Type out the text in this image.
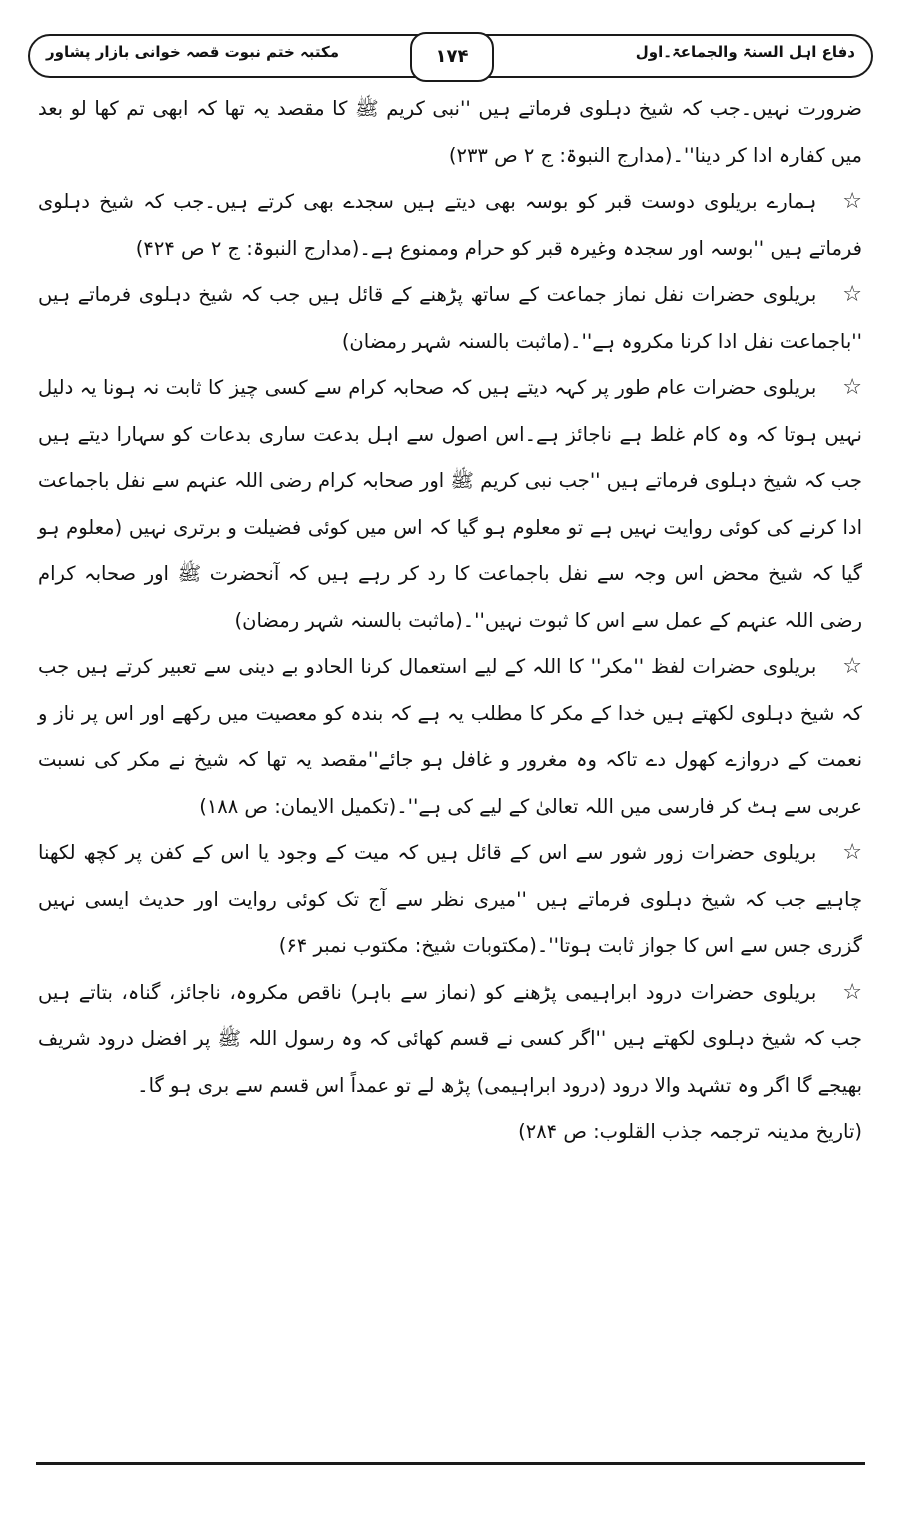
دفاع اہل السنۃ والجماعۃ۔اول
مکتبہ ختم نبوت قصہ خوانی بازار پشاور	۱۷۴

ضرورت نہیں۔جب کہ شیخ دہلوی فرماتے ہیں ''نبی کریم ﷺ کا مقصد یہ تھا کہ ابھی تم کھا لو بعد میں کفارہ ادا کر دینا''۔(مدارج النبوۃ: ج ۲ ص ۲۳۳)

☆ہمارے بریلوی دوست قبر کو بوسہ بھی دیتے ہیں سجدے بھی کرتے ہیں۔جب کہ شیخ دہلوی فرماتے ہیں ''بوسہ اور سجدہ وغیرہ قبر کو حرام وممنوع ہے۔(مدارج النبوۃ: ج ۲ ص ۴۲۴)

☆بریلوی حضرات نفل نماز جماعت کے ساتھ پڑھنے کے قائل ہیں جب کہ شیخ دہلوی فرماتے ہیں ''باجماعت نفل ادا کرنا مکروہ ہے''۔(ماثبت بالسنہ شہر رمضان)

☆بریلوی حضرات عام طور پر کہہ دیتے ہیں کہ صحابہ کرام سے کسی چیز کا ثابت نہ ہونا یہ دلیل نہیں ہوتا کہ وہ کام غلط ہے ناجائز ہے۔اس اصول سے اہل بدعت ساری بدعات کو سہارا دیتے ہیں جب کہ شیخ دہلوی فرماتے ہیں ''جب نبی کریم ﷺ اور صحابہ کرام رضی اللہ عنہم سے نفل باجماعت ادا کرنے کی کوئی روایت نہیں ہے تو معلوم ہو گیا کہ اس میں کوئی فضیلت و برتری نہیں (معلوم ہو گیا کہ شیخ محض اس وجہ سے نفل باجماعت کا رد کر رہے ہیں کہ آنحضرت ﷺ اور صحابہ کرام رضی اللہ عنہم کے عمل سے اس کا ثبوت نہیں''۔(ماثبت بالسنہ شہر رمضان)

☆بریلوی حضرات لفظ ''مکر'' کا اللہ کے لیے استعمال کرنا الحادو بے دینی سے تعبیر کرتے ہیں جب کہ شیخ دہلوی لکھتے ہیں خدا کے مکر کا مطلب یہ ہے کہ بندہ کو معصیت میں رکھے اور اس پر ناز و نعمت کے دروازے کھول دے تاکہ وہ مغرور و غافل ہو جائے''مقصد یہ تھا کہ شیخ نے مکر کی نسبت عربی سے ہٹ کر فارسی میں اللہ تعالیٰ کے لیے کی ہے''۔(تکمیل الایمان: ص ۱۸۸)

☆بریلوی حضرات زور شور سے اس کے قائل ہیں کہ میت کے وجود یا اس کے کفن پر کچھ لکھنا چاہیے جب کہ شیخ دہلوی فرماتے ہیں ''میری نظر سے آج تک کوئی روایت اور حدیث ایسی نہیں گزری جس سے اس کا جواز ثابت ہوتا''۔(مکتوبات شیخ: مکتوب نمبر ۶۴)

☆بریلوی حضرات درود ابراہیمی پڑھنے کو (نماز سے باہر) ناقص مکروہ، ناجائز، گناہ، بتاتے ہیں جب کہ شیخ دہلوی لکھتے ہیں ''اگر کسی نے قسم کھائی کہ وہ رسول اللہ ﷺ پر افضل درود شریف بھیجے گا اگر وہ تشہد والا درود (درود ابراہیمی) پڑھ لے تو عمداً اس قسم سے بری ہو گا۔

(تاریخ مدینہ ترجمہ جذب القلوب: ص ۲۸۴)
